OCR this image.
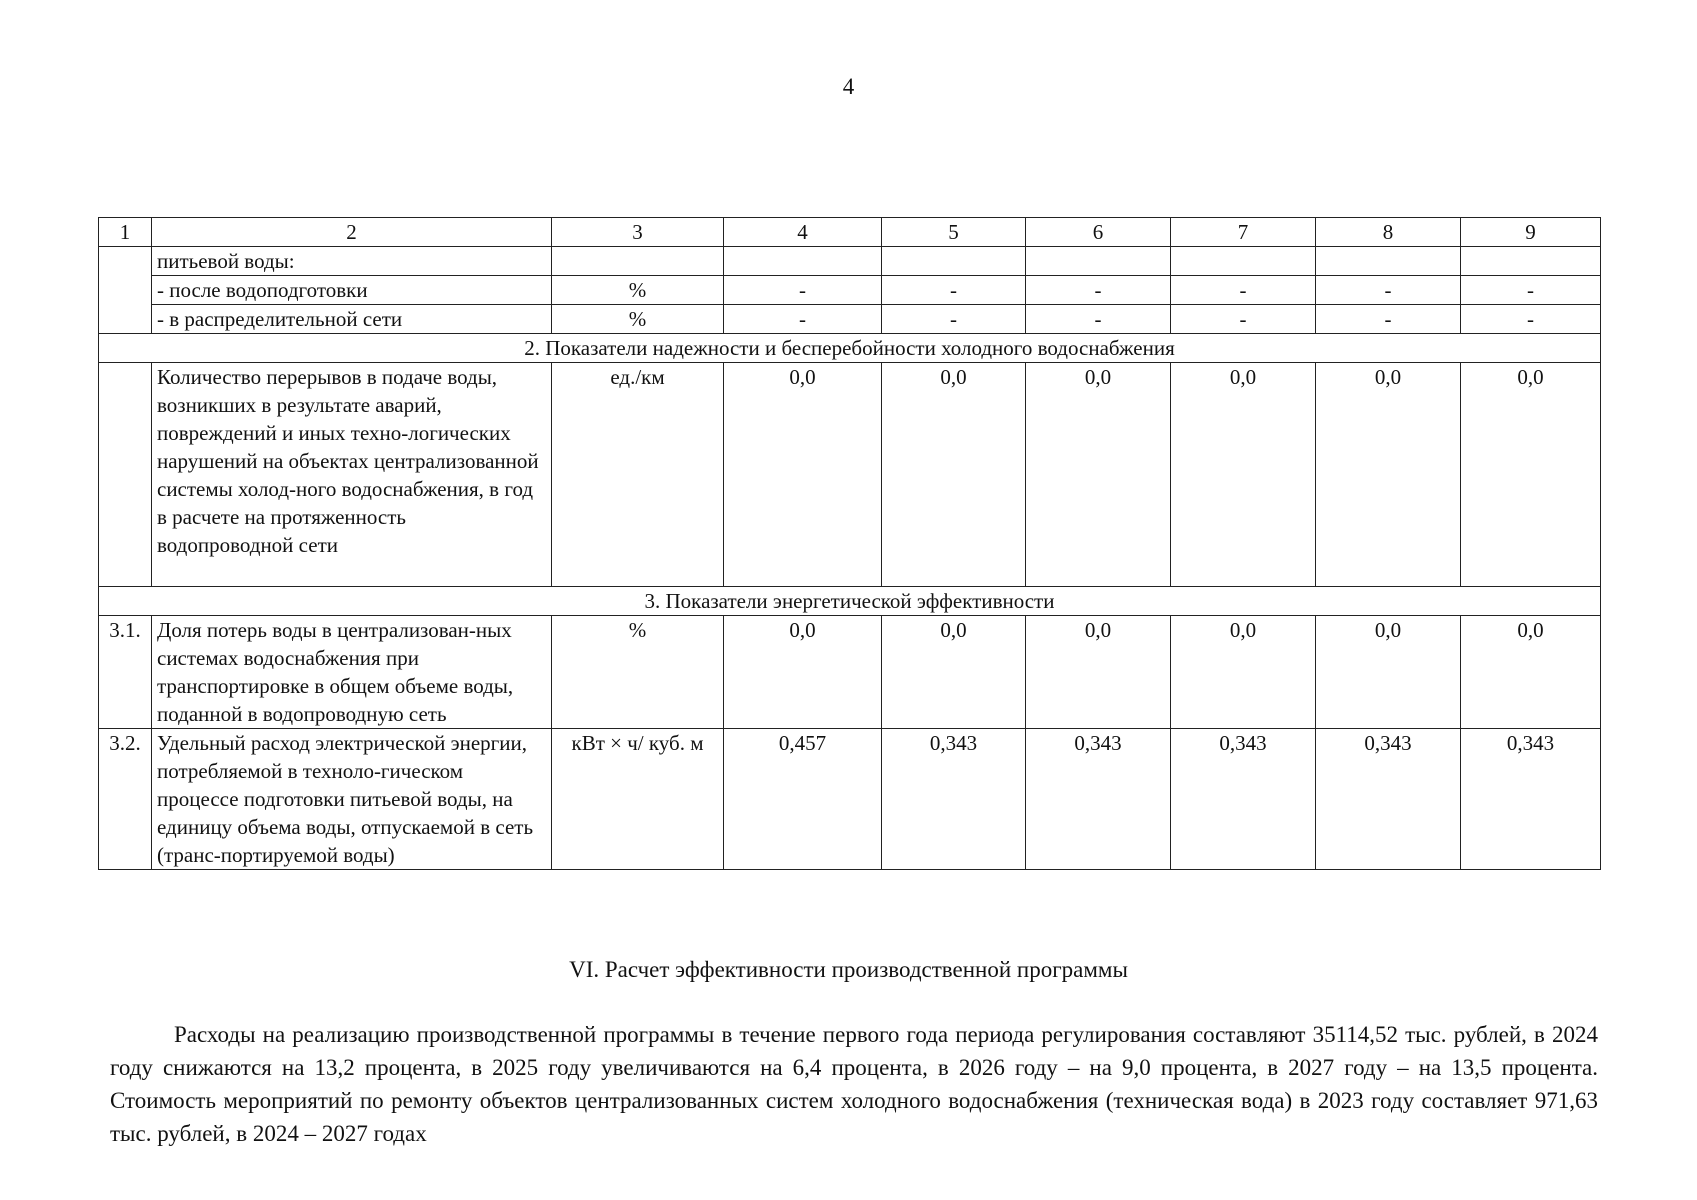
4
1	2	3	4	5	6	7	8	9
	питьевой воды:							
	- после водоподготовки	%	-	-	-	-	-	-
	- в распределительной сети	%	-	-	-	-	-	-
2. Показатели надежности и бесперебойности холодного водоснабжения								
	Количество перерывов в подаче воды, возникших в результате аварий, повреждений и иных техно-логических нарушений на объектах централизованной системы холод-ного водоснабжения, в год в расчете на протяженность водопроводной сети	ед./км	0,0	0,0	0,0	0,0	0,0	0,0
3. Показатели энергетической эффективности								
3.1.	Доля потерь воды в централизован-ных системах водоснабжения при транспортировке в общем объеме воды, поданной в водопроводную сеть	%	0,0	0,0	0,0	0,0	0,0	0,0
3.2.	Удельный расход электрической энергии, потребляемой в техноло-гическом процессе подготовки питьевой воды, на единицу объема воды, отпускаемой в сеть (транс-портируемой воды)	кВт × ч/ куб. м	0,457	0,343	0,343	0,343	0,343	0,343
VI. Расчет эффективности производственной программы

Расходы на реализацию производственной программы в течение первого года периода регулирования составляют 35114,52 тыс. рублей, в 2024 году снижаются на 13,2 процента, в 2025 году увеличиваются на 6,4 процента, в 2026 году – на 9,0 процента, в 2027 году – на 13,5 процента. Стоимость мероприятий по ремонту объектов централизованных систем холодного водоснабжения (техническая вода) в 2023 году составляет 971,63 тыс. рублей, в 2024 – 2027 годах
